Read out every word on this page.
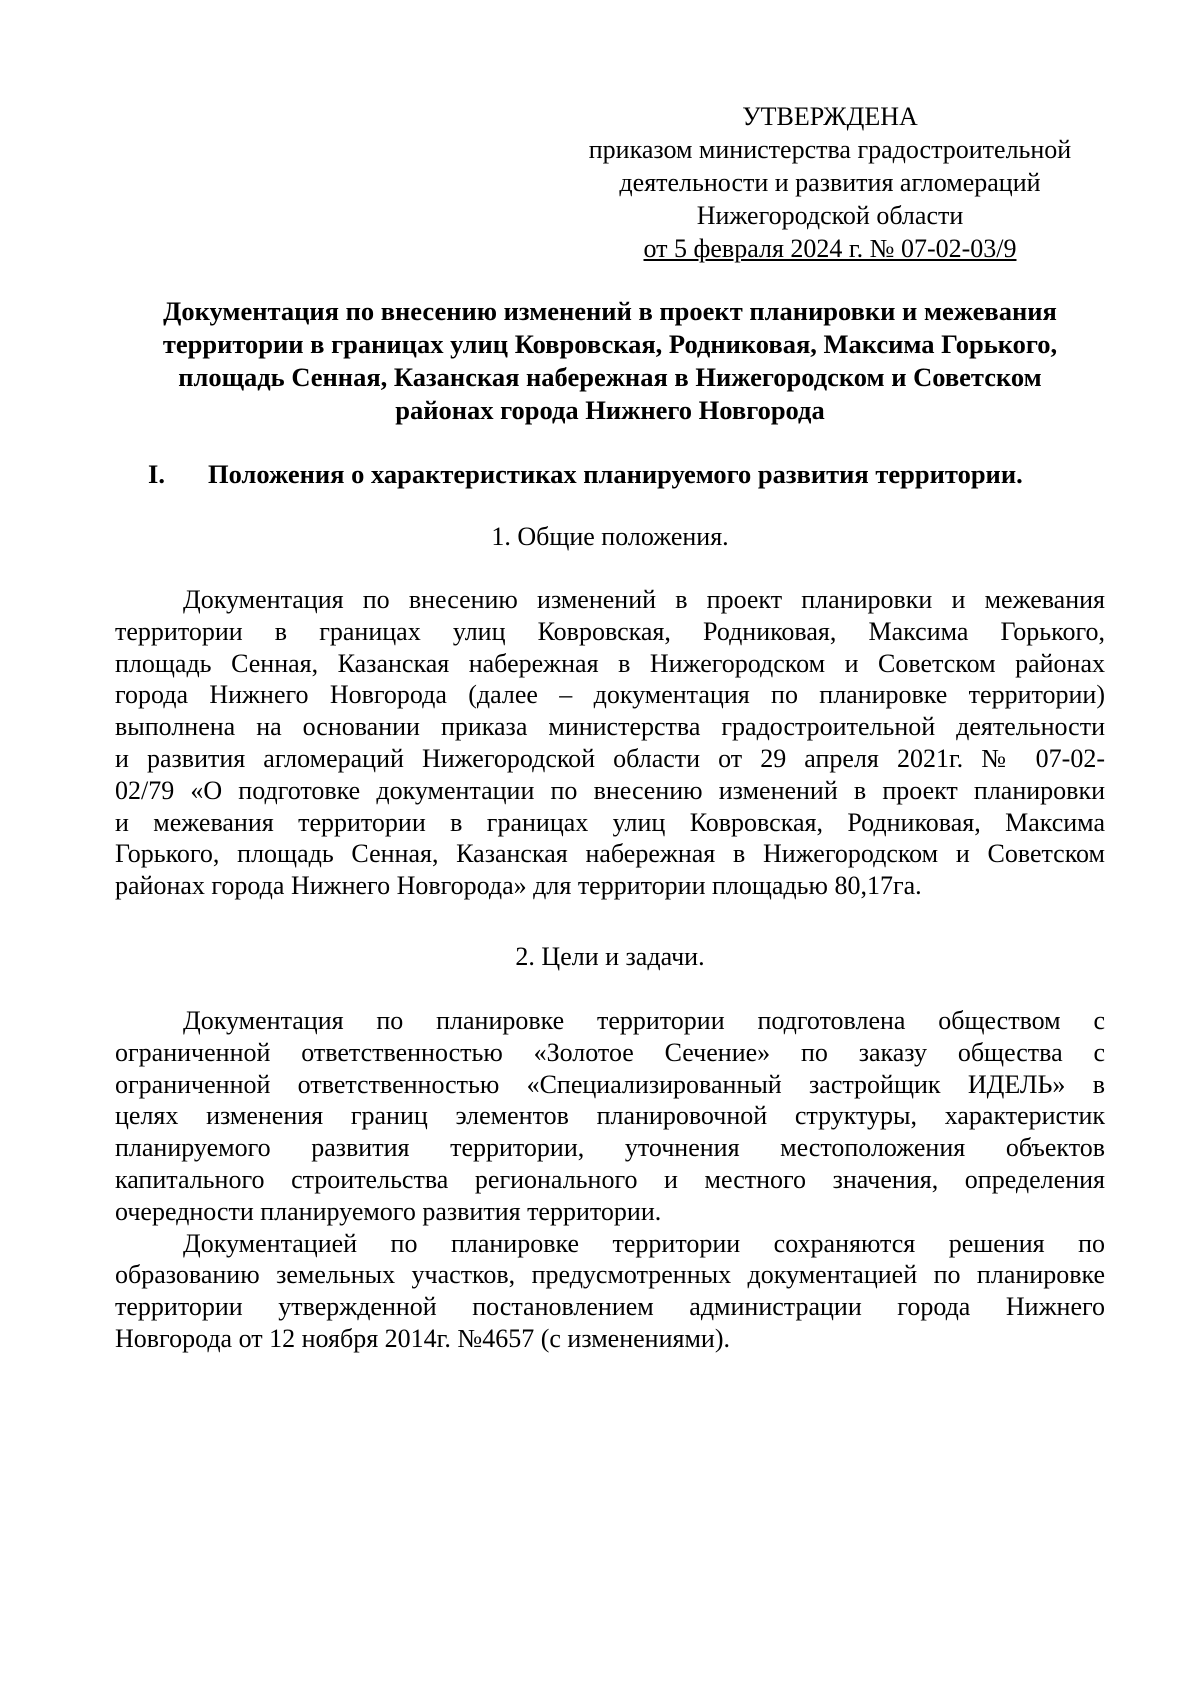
УТВЕРЖДЕНА
приказом министерства градостроительной
деятельности и развития агломераций
Нижегородской области
от 5 февраля 2024 г. № 07-02-03/9
Документация по внесению изменений в проект планировки и межевания
территории в границах улиц Ковровская, Родниковая, Максима Горького,
площадь Сенная, Казанская набережная в Нижегородском и Советском
районах города Нижнего Новгорода
I. Положения о характеристиках планируемого развития территории.
1. Общие положения.
Документация по внесению изменений в проект планировки и межевания
территории в границах улиц Ковровская, Родниковая, Максима Горького,
площадь Сенная, Казанская набережная в Нижегородском и Советском районах
города Нижнего Новгорода (далее – документация по планировке территории)
выполнена на основании приказа министерства градостроительной деятельности
и развития агломераций Нижегородской области от 29 апреля 2021г. № 07-02-
02/79 «О подготовке документации по внесению изменений в проект планировки
и межевания территории в границах улиц Ковровская, Родниковая, Максима
Горького, площадь Сенная, Казанская набережная в Нижегородском и Советском
районах города Нижнего Новгорода» для территории площадью 80,17га.
2. Цели и задачи.
Документация по планировке территории подготовлена обществом с
ограниченной ответственностью «Золотое Сечение» по заказу общества с
ограниченной ответственностью «Специализированный застройщик ИДЕЛЬ» в
целях изменения границ элементов планировочной структуры, характеристик
планируемого развития территории, уточнения местоположения объектов
капитального строительства регионального и местного значения, определения
очередности планируемого развития территории.
Документацией по планировке территории сохраняются решения по
образованию земельных участков, предусмотренных документацией по планировке
территории утвержденной постановлением администрации города Нижнего
Новгорода от 12 ноября 2014г. №4657 (с изменениями).
